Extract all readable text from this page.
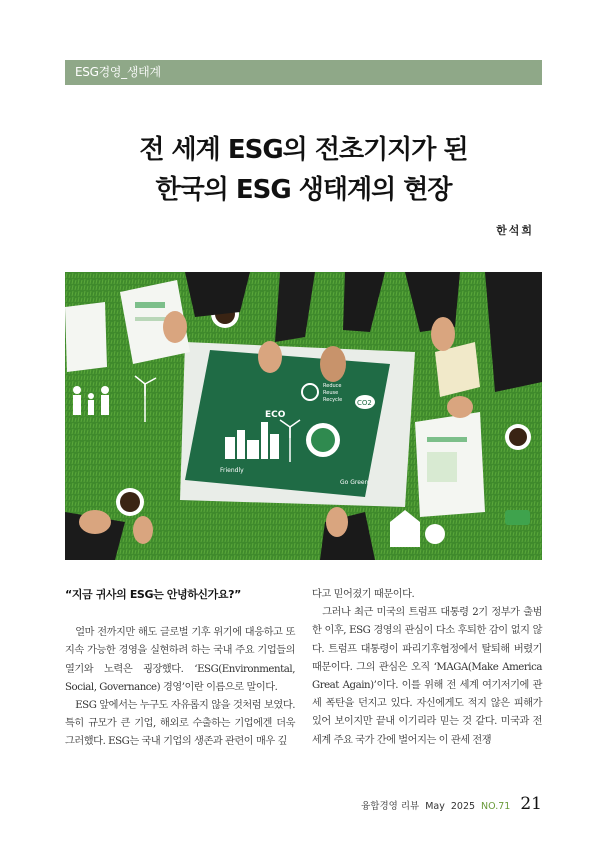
ESG경영_생태계
전 세계 ESG의 전초기지가 된
한국의 ESG 생태계의 현장
한석희
CO2
Reduce
Reuse
Recycle
ECO
Friendly
Go Green
“지금 귀사의 ESG는 안녕하신가요?”

얼마 전까지만 해도 글로벌 기후 위기에 대응하고 또 지속 가능한 경영을 실현하려 하는 국내 주요 기업들의 열기와 노력은 굉장했다. ‘ESG(Environmental, Social, Governance) 경영’이란 이름으로 말이다.

ESG 앞에서는 누구도 자유롭지 않을 것처럼 보였다. 특히 규모가 큰 기업, 해외로 수출하는 기업에겐 더욱 그러했다. ESG는 국내 기업의 생존과 관련이 매우 깊

다고 믿어졌기 때문이다.

그러나 최근 미국의 트럼프 대통령 2기 정부가 출범한 이후, ESG 경영의 관심이 다소 후퇴한 감이 없지 않다. 트럼프 대통령이 파리기후협정에서 탈퇴해 버렸기 때문이다. 그의 관심은 오직 ‘MAGA(Make America Great Again)’이다. 이를 위해 전 세계 여기저기에 관세 폭탄을 던지고 있다. 자신에게도 적지 않은 피해가 있어 보이지만 끝내 이기리라 믿는 것 같다. 미국과 전 세계 주요 국가 간에 벌어지는 이 관세 전쟁

융합경영 리뷰 May 2025 NO.71 21
